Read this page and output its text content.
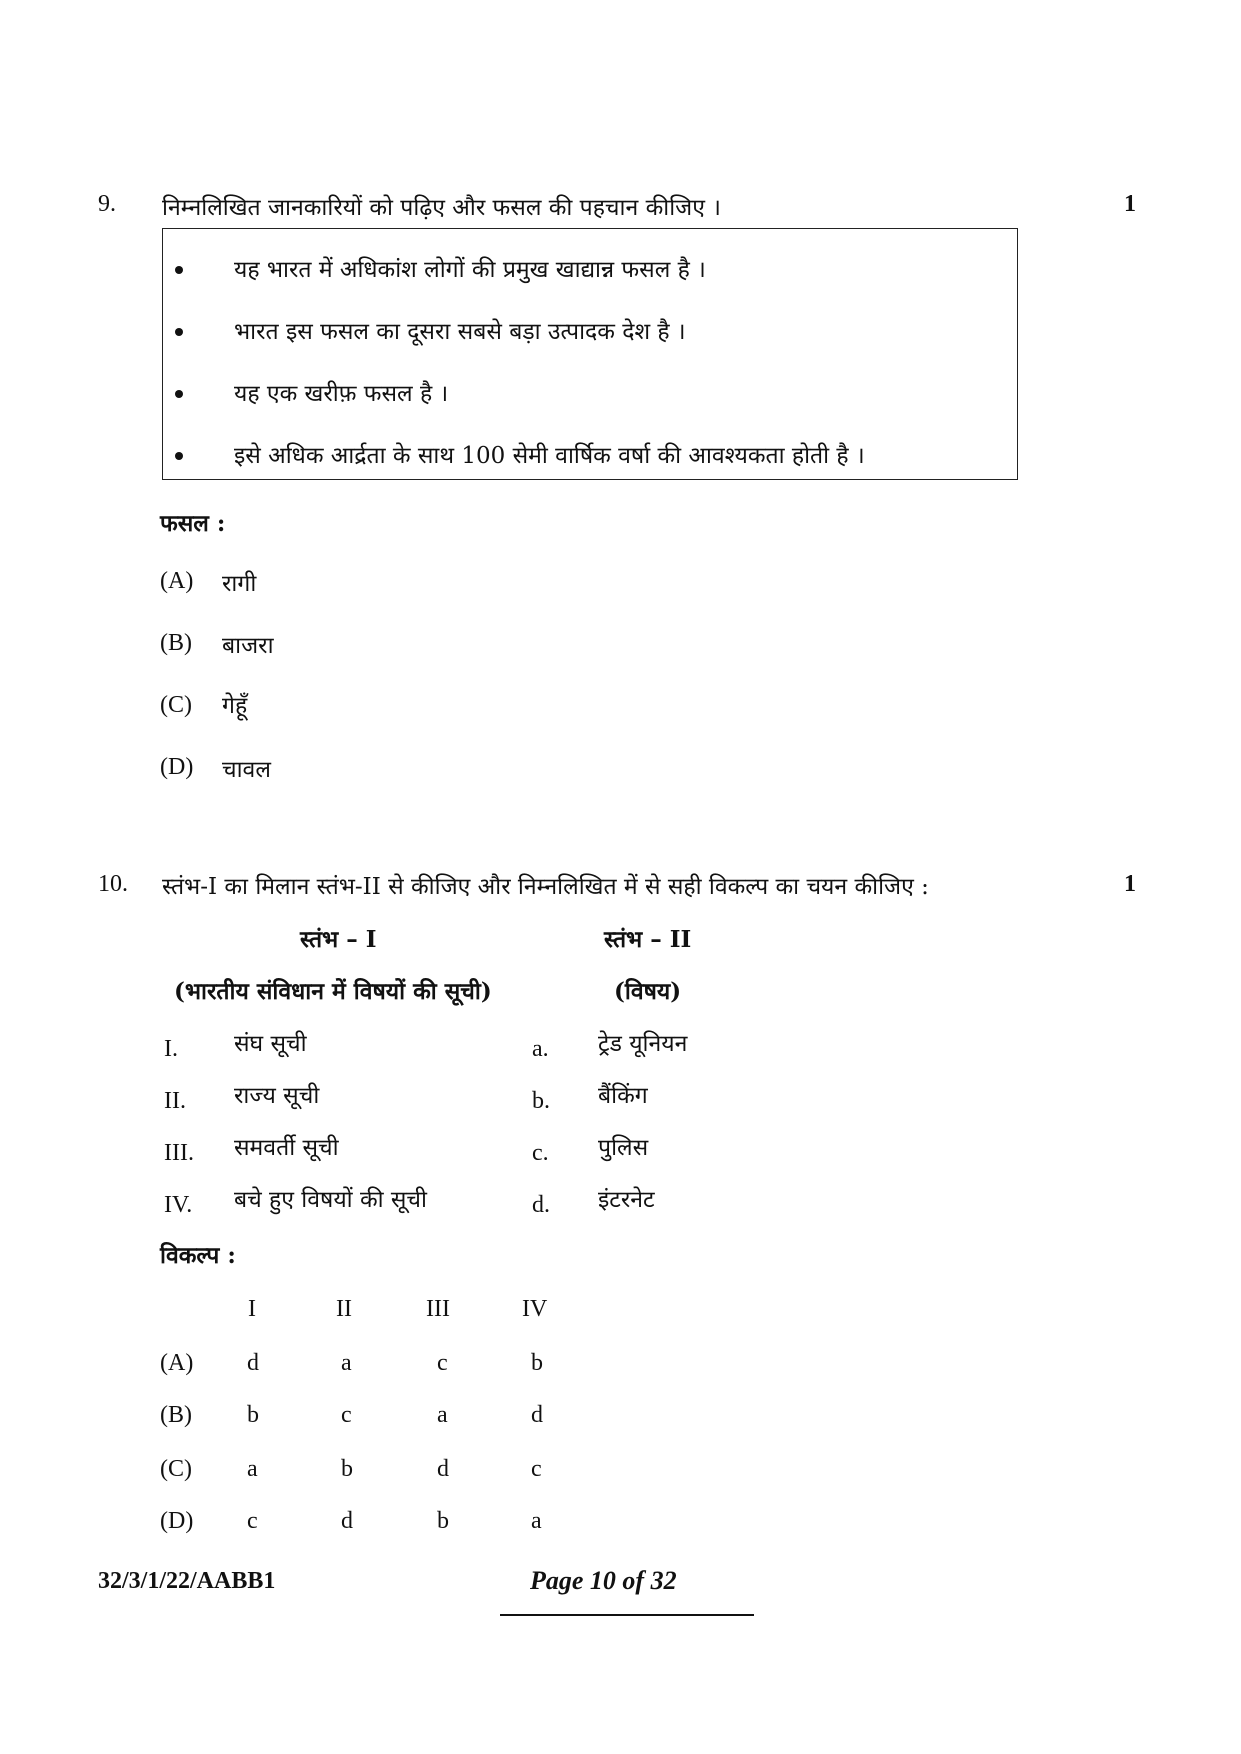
9. निम्नलिखित जानकारियों को पढ़िए और फसल की पहचान कीजिए ।	1
यह भारत में अधिकांश लोगों की प्रमुख खाद्यान्न फसल है ।
भारत इस फसल का दूसरा सबसे बड़ा उत्पादक देश है ।
यह एक खरीफ़ फसल है ।
इसे अधिक आर्द्रता के साथ 100 सेमी वार्षिक वर्षा की आवश्यकता होती है ।
फसल :
(A) रागी
(B) बाजरा
(C) गेहूँ
(D) चावल
10. स्तंभ-I का मिलान स्तंभ-II से कीजिए और निम्नलिखित में से सही विकल्प का चयन कीजिए :	1
स्तंभ – I
(भारतीय संविधान में विषयों की सूची)
स्तंभ – II
(विषय)
I. संघ सूची	a. ट्रेड यूनियन
II. राज्य सूची	b. बैंकिंग
III. समवर्ती सूची	c. पुलिस
IV. बचे हुए विषयों की सूची	d. इंटरनेट
विकल्प :
I	II	III	IV
(A) d	a	c	b
(B) b	c	a	d
(C) a	b	d	c
(D) c	d	b	a
32/3/1/22/AABB1	Page 10 of 32
